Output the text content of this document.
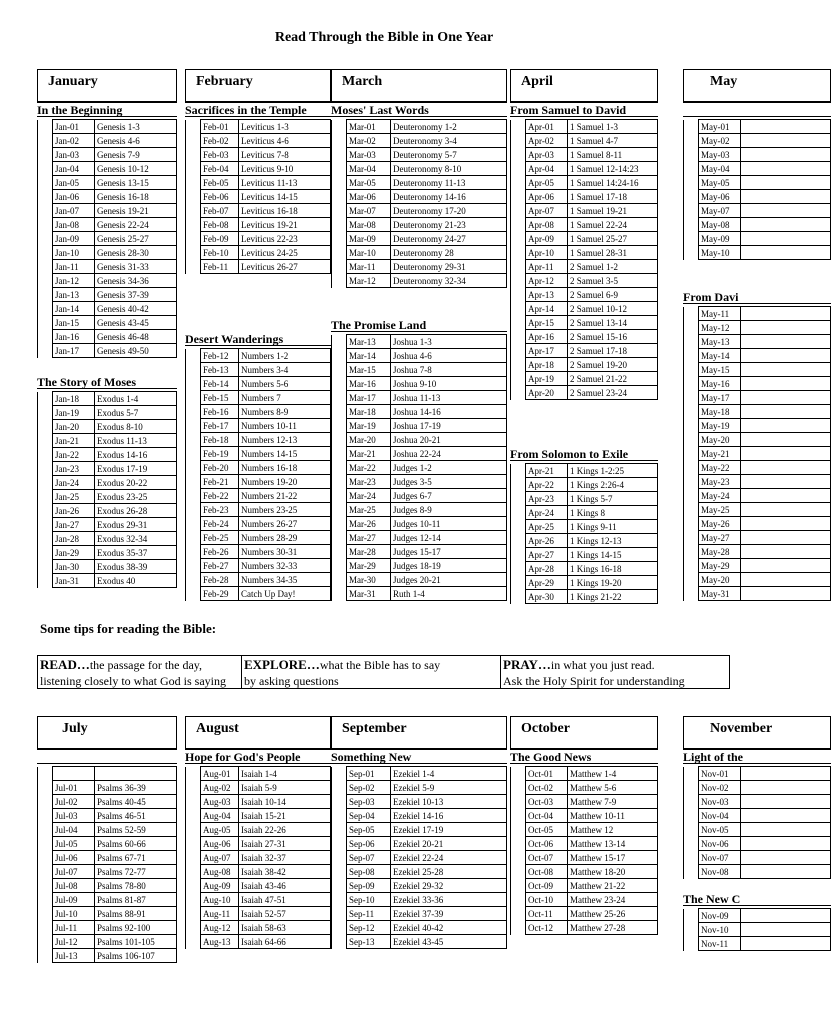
Read Through the Bible in One Year
January
In the Beginning
	Jan-01	Genesis 1-3
	Jan-02	Genesis 4-6
	Jan-03	Genesis 7-9
	Jan-04	Genesis 10-12
	Jan-05	Genesis 13-15
	Jan-06	Genesis 16-18
	Jan-07	Genesis 19-21
	Jan-08	Genesis 22-24
	Jan-09	Genesis 25-27
	Jan-10	Genesis 28-30
	Jan-11	Genesis 31-33
	Jan-12	Genesis 34-36
	Jan-13	Genesis 37-39
	Jan-14	Genesis 40-42
	Jan-15	Genesis 43-45
	Jan-16	Genesis 46-48
	Jan-17	Genesis 49-50
The Story of Moses
	Jan-18	Exodus 1-4
	Jan-19	Exodus 5-7
	Jan-20	Exodus 8-10
	Jan-21	Exodus 11-13
	Jan-22	Exodus 14-16
	Jan-23	Exodus 17-19
	Jan-24	Exodus 20-22
	Jan-25	Exodus 23-25
	Jan-26	Exodus 26-28
	Jan-27	Exodus 29-31
	Jan-28	Exodus 32-34
	Jan-29	Exodus 35-37
	Jan-30	Exodus 38-39
	Jan-31	Exodus 40
February
Sacrifices in the Temple
	Feb-01	Leviticus 1-3
	Feb-02	Leviticus 4-6
	Feb-03	Leviticus 7-8
	Feb-04	Leviticus 9-10
	Feb-05	Leviticus 11-13
	Feb-06	Leviticus 14-15
	Feb-07	Leviticus 16-18
	Feb-08	Leviticus 19-21
	Feb-09	Leviticus 22-23
	Feb-10	Leviticus 24-25
	Feb-11	Leviticus 26-27
Desert Wanderings
	Feb-12	Numbers 1-2
	Feb-13	Numbers 3-4
	Feb-14	Numbers 5-6
	Feb-15	Numbers 7
	Feb-16	Numbers 8-9
	Feb-17	Numbers 10-11
	Feb-18	Numbers 12-13
	Feb-19	Numbers 14-15
	Feb-20	Numbers 16-18
	Feb-21	Numbers 19-20
	Feb-22	Numbers 21-22
	Feb-23	Numbers 23-25
	Feb-24	Numbers 26-27
	Feb-25	Numbers 28-29
	Feb-26	Numbers 30-31
	Feb-27	Numbers 32-33
	Feb-28	Numbers 34-35
	Feb-29	Catch Up Day!
March
Moses' Last Words
	Mar-01	Deuteronomy 1-2
	Mar-02	Deuteronomy 3-4
	Mar-03	Deuteronomy 5-7
	Mar-04	Deuteronomy 8-10
	Mar-05	Deuteronomy 11-13
	Mar-06	Deuteronomy 14-16
	Mar-07	Deuteronomy 17-20
	Mar-08	Deuteronomy 21-23
	Mar-09	Deuteronomy 24-27
	Mar-10	Deuteronomy 28
	Mar-11	Deuteronomy 29-31
	Mar-12	Deuteronomy 32-34
The Promise Land
	Mar-13	Joshua 1-3
	Mar-14	Joshua 4-6
	Mar-15	Joshua 7-8
	Mar-16	Joshua 9-10
	Mar-17	Joshua 11-13
	Mar-18	Joshua 14-16
	Mar-19	Joshua 17-19
	Mar-20	Joshua 20-21
	Mar-21	Joshua 22-24
	Mar-22	Judges 1-2
	Mar-23	Judges 3-5
	Mar-24	Judges 6-7
	Mar-25	Judges 8-9
	Mar-26	Judges 10-11
	Mar-27	Judges 12-14
	Mar-28	Judges 15-17
	Mar-29	Judges 18-19
	Mar-30	Judges 20-21
	Mar-31	Ruth 1-4
April
From Samuel to David
	Apr-01	1 Samuel 1-3
	Apr-02	1 Samuel 4-7
	Apr-03	1 Samuel 8-11
	Apr-04	1 Samuel 12-14:23
	Apr-05	1 Samuel 14:24-16
	Apr-06	1 Samuel 17-18
	Apr-07	1 Samuel 19-21
	Apr-08	1 Samuel 22-24
	Apr-09	1 Samuel 25-27
	Apr-10	1 Samuel 28-31
	Apr-11	2 Samuel 1-2
	Apr-12	2 Samuel 3-5
	Apr-13	2 Samuel 6-9
	Apr-14	2 Samuel 10-12
	Apr-15	2 Samuel 13-14
	Apr-16	2 Samuel 15-16
	Apr-17	2 Samuel 17-18
	Apr-18	2 Samuel 19-20
	Apr-19	2 Samuel 21-22
	Apr-20	2 Samuel 23-24
From Solomon to Exile
	Apr-21	1 Kings 1-2:25
	Apr-22	1 Kings 2:26-4
	Apr-23	1 Kings 5-7
	Apr-24	1 Kings 8
	Apr-25	1 Kings 9-11
	Apr-26	1 Kings 12-13
	Apr-27	1 Kings 14-15
	Apr-28	1 Kings 16-18
	Apr-29	1 Kings 19-20
	Apr-30	1 Kings 21-22
May
	May-01	
	May-02	
	May-03	
	May-04	
	May-05	
	May-06	
	May-07	
	May-08	
	May-09	
	May-10	
From Davi
	May-11	
	May-12	
	May-13	
	May-14	
	May-15	
	May-16	
	May-17	
	May-18	
	May-19	
	May-20	
	May-21	
	May-22	
	May-23	
	May-24	
	May-25	
	May-26	
	May-27	
	May-28	
	May-29	
	May-20	
	May-31	
July

	Jul-01	Psalms 36-39
	Jul-02	Psalms 40-45
	Jul-03	Psalms 46-51
	Jul-04	Psalms 52-59
	Jul-05	Psalms 60-66
	Jul-06	Psalms 67-71
	Jul-07	Psalms 72-77
	Jul-08	Psalms 78-80
	Jul-09	Psalms 81-87
	Jul-10	Psalms 88-91
	Jul-11	Psalms 92-100
	Jul-12	Psalms 101-105
	Jul-13	Psalms 106-107
August
Hope for God's People
	Aug-01	Isaiah 1-4
	Aug-02	Isaiah 5-9
	Aug-03	Isaiah 10-14
	Aug-04	Isaiah 15-21
	Aug-05	Isaiah 22-26
	Aug-06	Isaiah 27-31
	Aug-07	Isaiah 32-37
	Aug-08	Isaiah 38-42
	Aug-09	Isaiah 43-46
	Aug-10	Isaiah 47-51
	Aug-11	Isaiah 52-57
	Aug-12	Isaiah 58-63
	Aug-13	Isaiah 64-66
September
Something New
	Sep-01	Ezekiel 1-4
	Sep-02	Ezekiel 5-9
	Sep-03	Ezekiel 10-13
	Sep-04	Ezekiel 14-16
	Sep-05	Ezekiel 17-19
	Sep-06	Ezekiel 20-21
	Sep-07	Ezekiel 22-24
	Sep-08	Ezekiel 25-28
	Sep-09	Ezekiel 29-32
	Sep-10	Ezekiel 33-36
	Sep-11	Ezekiel 37-39
	Sep-12	Ezekiel 40-42
	Sep-13	Ezekiel 43-45
October
The Good News
	Oct-01	Matthew 1-4
	Oct-02	Matthew 5-6
	Oct-03	Matthew 7-9
	Oct-04	Matthew 10-11
	Oct-05	Matthew 12
	Oct-06	Matthew 13-14
	Oct-07	Matthew 15-17
	Oct-08	Matthew 18-20
	Oct-09	Matthew 21-22
	Oct-10	Matthew 23-24
	Oct-11	Matthew 25-26
	Oct-12	Matthew 27-28
November
Light of the
	Nov-01	
	Nov-02	
	Nov-03	
	Nov-04	
	Nov-05	
	Nov-06	
	Nov-07	
	Nov-08	
The New C
	Nov-09	
	Nov-10	
	Nov-11	
Some tips for reading the Bible:
READ…the passage for the day,
listening closely to what God is saying
EXPLORE…what the Bible has to say
by asking questions
PRAY…in what you just read.
Ask the Holy Spirit for understanding
